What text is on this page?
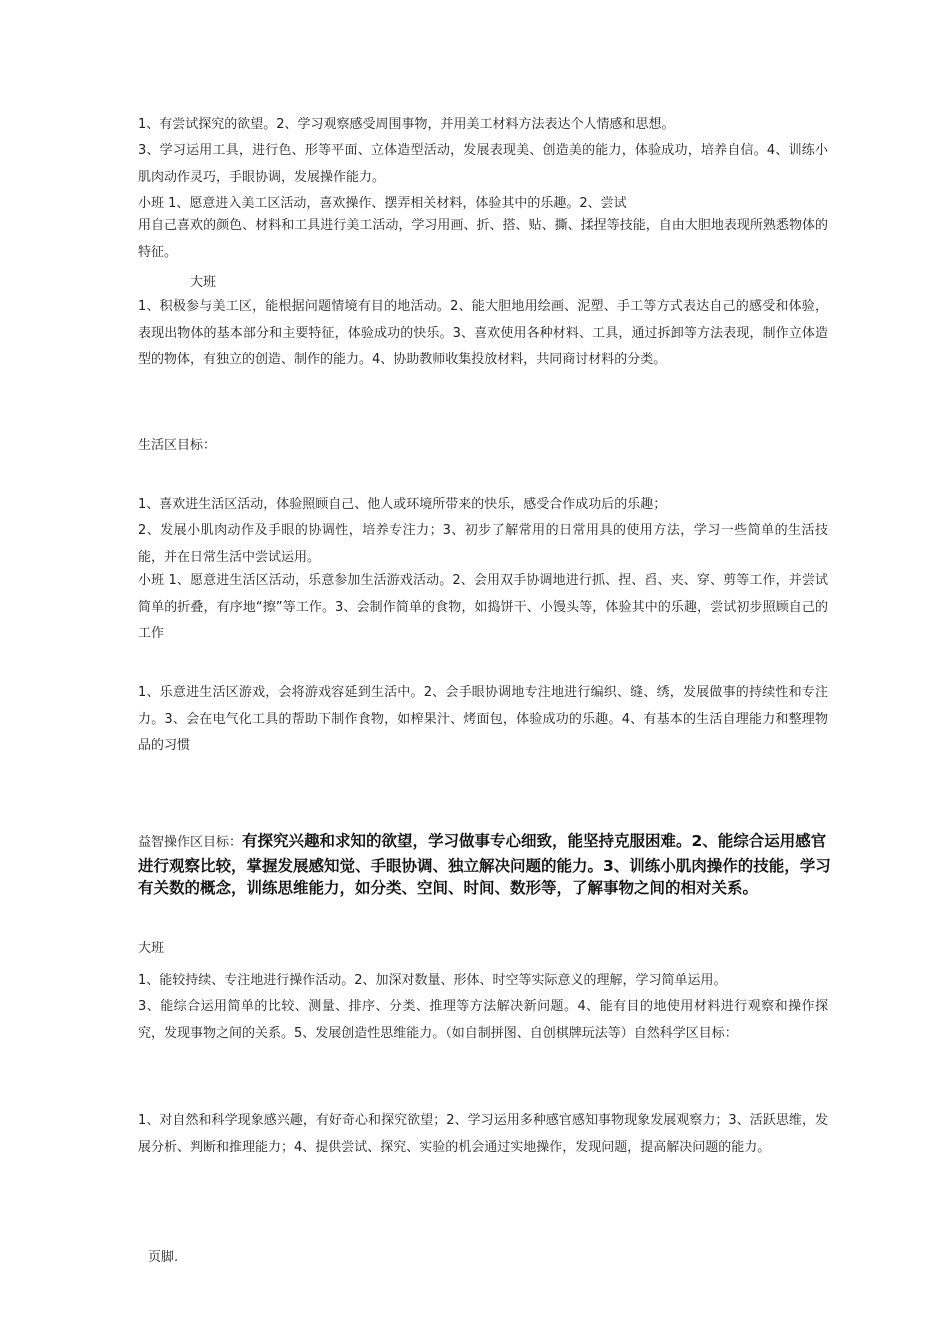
1、有尝试探究的欲望。2、学习观察感受周围事物，并用美工材料方法表达个人情感和思想。

3、学习运用工具，进行色、形等平面、立体造型活动，发展表现美、创造美的能力，体验成功，培养自信。4、训练小肌肉动作灵巧，手眼协调，发展操作能力。

小班 1、愿意进入美工区活动，喜欢操作、摆弄相关材料，体验其中的乐趣。2、尝试

用自己喜欢的颜色、材料和工具进行美工活动，学习用画、折、搭、贴、撕、揉捏等技能，自由大胆地表现所熟悉物体的特征。

大班

1、积极参与美工区，能根据问题情境有目的地活动。2、能大胆地用绘画、泥塑、手工等方式表达自己的感受和体验，表现出物体的基本部分和主要特征，体验成功的快乐。3、喜欢使用各种材料、工具，通过拆卸等方法表现，制作立体造型的物体，有独立的创造、制作的能力。4、协助教师收集投放材料，共同商讨材料的分类。

生活区目标：

1、喜欢进生活区活动，体验照顾自己、他人或环境所带来的快乐，感受合作成功后的乐趣；

2、发展小肌肉动作及手眼的协调性，培养专注力；3、初步了解常用的日常用具的使用方法，学习一些简单的生活技能，并在日常生活中尝试运用。

小班 1、愿意进生活区活动，乐意参加生活游戏活动。2、会用双手协调地进行抓、捏、舀、夹、穿、剪等工作，并尝试简单的折叠，有序地“擦”等工作。3、会制作简单的食物，如捣饼干、小馒头等，体验其中的乐趣，尝试初步照顾自己的工作

1、乐意进生活区游戏，会将游戏容延到生活中。2、会手眼协调地专注地进行编织、缝、绣，发展做事的持续性和专注力。3、会在电气化工具的帮助下制作食物，如榨果汁、烤面包，体验成功的乐趣。4、有基本的生活自理能力和整理物品的习惯

益智操作区目标：有探究兴趣和求知的欲望，学习做事专心细致，能坚持克服困难。2、能综合运用感官进行观察比较，掌握发展感知觉、手眼协调、独立解决问题的能力。3、训练小肌肉操作的技能，学习有关数的概念，训练思维能力，如分类、空间、时间、数形等，了解事物之间的相对关系。

大班

1、能较持续、专注地进行操作活动。2、加深对数量、形体、时空等实际意义的理解，学习简单运用。

3、能综合运用简单的比较、测量、排序、分类、推理等方法解决新问题。4、能有目的地使用材料进行观察和操作探究，发现事物之间的关系。5、发展创造性思维能力。（如自制拼图、自创棋牌玩法等）自然科学区目标：

1、对自然和科学现象感兴趣，有好奇心和探究欲望；2、学习运用多种感官感知事物现象发展观察力；3、活跃思维，发展分析、判断和推理能力；4、提供尝试、探究、实验的机会通过实地操作，发现问题，提高解决问题的能力。

页脚.
